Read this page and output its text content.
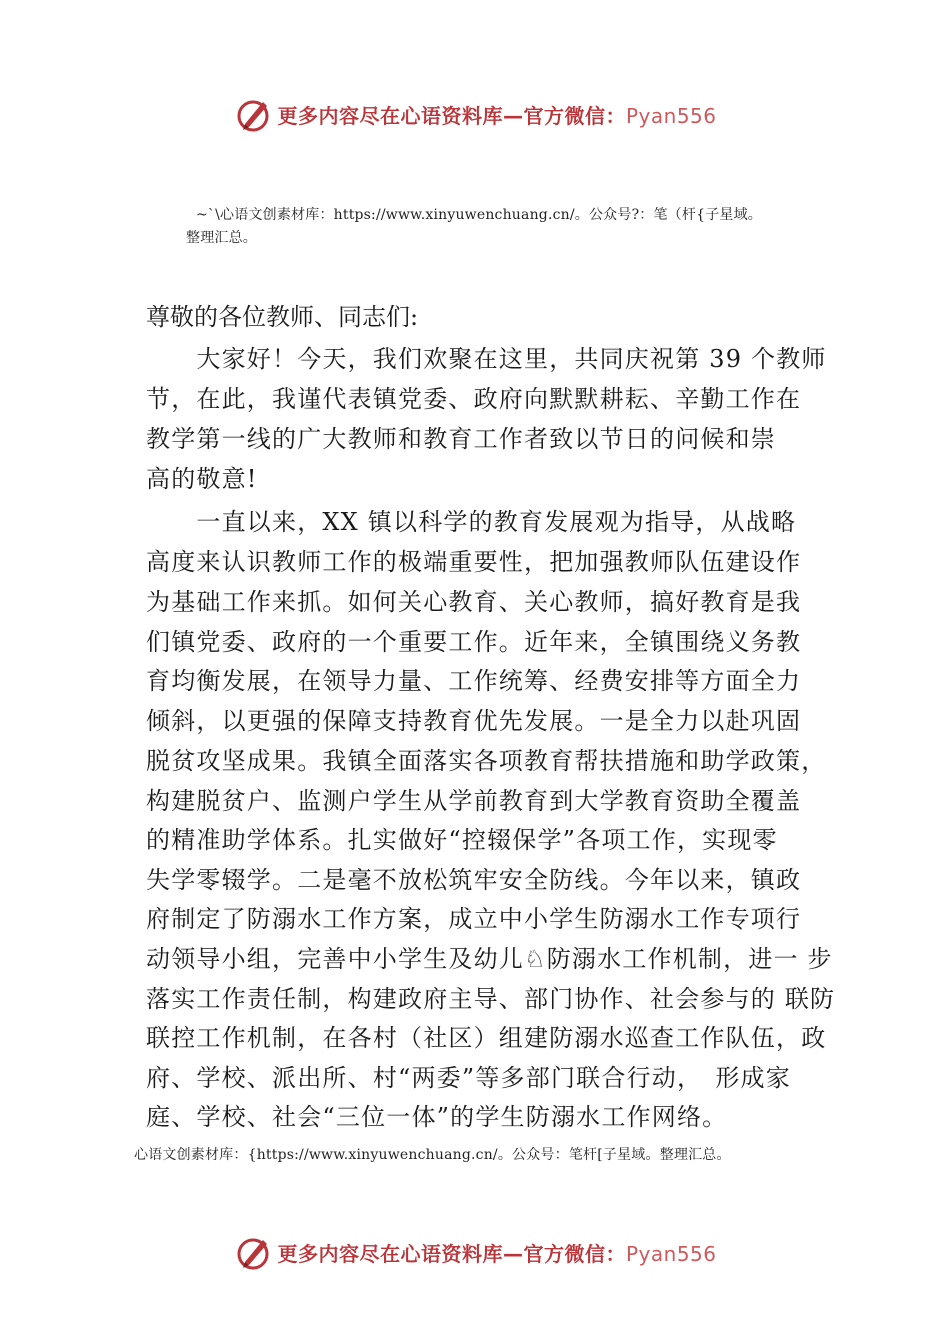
更多内容尽在心语资料库—官方微信：Pyan556
~`\心语文创素材库：https://www.xinyuwenchuang.cn/。公众号?：笔（杆{子星域。
整理汇总。
尊敬的各位教师、同志们:
　　大家好！今天，我们欢聚在这里，共同庆祝第 39 个教师
节，在此，我谨代表镇党委、政府向默默耕耘、辛勤工作在
教学第一线的广大教师和教育工作者致以节日的问候和崇
高的敬意!
　　一直以来，XX 镇以科学的教育发展观为指导，从战略
高度来认识教师工作的极端重要性，把加强教师队伍建设作
为基础工作来抓。如何关心教育、关心教师，搞好教育是我
们镇党委、政府的一个重要工作。近年来，全镇围绕义务教
育均衡发展，在领导力量、工作统筹、经费安排等方面全力
倾斜，以更强的保障支持教育优先发展。一是全力以赴巩固
脱贫攻坚成果。我镇全面落实各项教育帮扶措施和助学政策，
构建脱贫户、监测户学生从学前教育到大学教育资助全覆盖
的精准助学体系。扎实做好“控辍保学”各项工作，实现零
失学零辍学。二是毫不放松筑牢安全防线。今年以来，镇政
府制定了防溺水工作方案，成立中小学生防溺水工作专项行
动领导小组，完善中小学生及幼儿♘防溺水工作机制，进一 步
落实工作责任制，构建政府主导、部门协作、社会参与的 联防
联控工作机制，在各村（社区）组建防溺水巡查工作队伍，政
府、学校、派出所、村“两委”等多部门联合行动，　形成家
庭、学校、社会“三位一体”的学生防溺水工作网络。
心语文创素材库：{https://www.xinyuwenchuang.cn/。公众号：笔杆[子星域。整理汇总。
更多内容尽在心语资料库—官方微信：Pyan556
